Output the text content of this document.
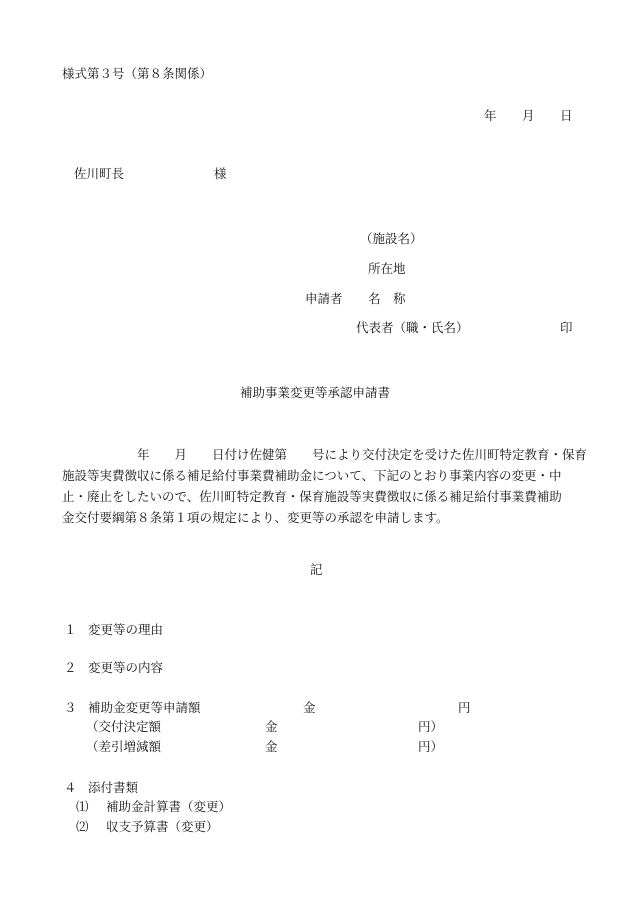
様式第３号（第８条関係）
年 月 日
佐川町長	様
（施設名）
所在地
申請者 名　称
代表者（職・氏名）	印
補助事業変更等承認申請書
　　年　　月　　日付け佐健第　　号により交付決定を受けた佐川町特定教育・保育
施設等実費徴収に係る補足給付事業費補助金について、下記のとおり事業内容の変更・中
止・廃止をしたいので、佐川町特定教育・保育施設等実費徴収に係る補足給付事業費補助
金交付要綱第８条第１項の規定により、変更等の承認を申請します。
記
１ 変更等の理由
２ 変更等の内容
３ 補助金変更等申請額	金	円
（交付決定額	金	円）
（差引増減額	金	円）
４ 添付書類
⑴ 補助金計算書（変更）
⑵ 収支予算書（変更）
